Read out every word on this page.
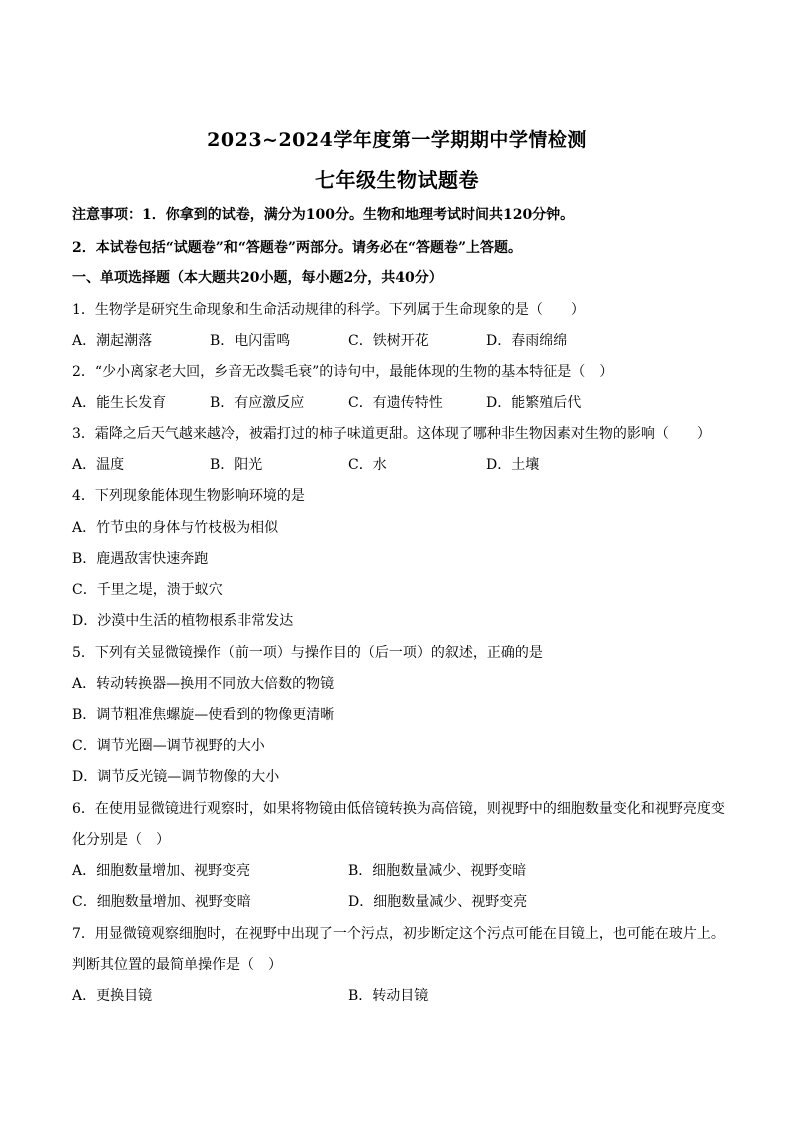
2023~2024学年度第一学期期中学情检测
七年级生物试题卷
注意事项：1．你拿到的试卷，满分为100分。生物和地理考试时间共120分钟。
2．本试卷包括“试题卷”和“答题卷”两部分。请务必在“答题卷”上答题。
一、单项选择题（本大题共20小题，每小题2分，共40分）
1．生物学是研究生命现象和生命活动规律的科学。下列属于生命现象的是（　　）
A．潮起潮落	B．电闪雷鸣	C．铁树开花	D．春雨绵绵
2．“少小离家老大回，乡音无改鬓毛衰”的诗句中，最能体现的生物的基本特征是（　）
A．能生长发育	B．有应激反应	C．有遗传特性	D．能繁殖后代
3．霜降之后天气越来越冷，被霜打过的柿子味道更甜。这体现了哪种非生物因素对生物的影响（　　）
A．温度	B．阳光	C．水	D．土壤
4．下列现象能体现生物影响环境的是
A．竹节虫的身体与竹枝极为相似
B．鹿遇敌害快速奔跑
C．千里之堤，溃于蚁穴
D．沙漠中生活的植物根系非常发达
5．下列有关显微镜操作（前一项）与操作目的（后一项）的叙述，正确的是
A．转动转换器—换用不同放大倍数的物镜
B．调节粗准焦螺旋—使看到的物像更清晰
C．调节光圈—调节视野的大小
D．调节反光镜—调节物像的大小
6．在使用显微镜进行观察时，如果将物镜由低倍镜转换为高倍镜，则视野中的细胞数量变化和视野亮度变
化分别是（　）
A．细胞数量增加、视野变亮	B．细胞数量减少、视野变暗
C．细胞数量增加、视野变暗	D．细胞数量减少、视野变亮
7．用显微镜观察细胞时，在视野中出现了一个污点，初步断定这个污点可能在目镜上，也可能在玻片上。
判断其位置的最简单操作是（　）
A．更换目镜	B．转动目镜
